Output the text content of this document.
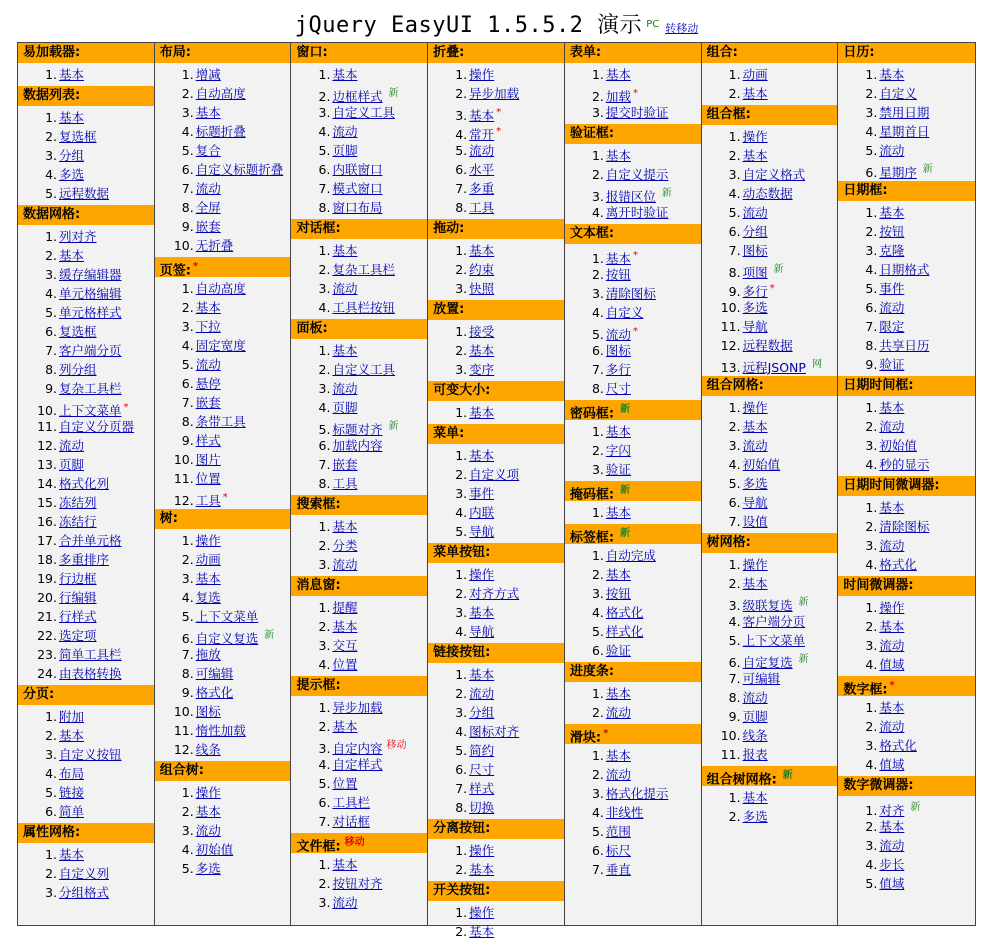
jQuery EasyUI 1.5.5.2 演示 $^{PC}$ 转移动
易加载器:
基本
数据列表:
基本
复选框
分组
多选
远程数据
数据网格:
列对齐
基本
缓存编辑器
单元格编辑
单元格样式
复选框
客户端分页
列分组
复杂工具栏
上下文菜单 *
自定义分页器
流动
页脚
格式化列
冻结列
冻结行
合并单元格
多重排序
行边框
行编辑
行样式
选定项
简单工具栏
由表格转换
分页:
附加
基本
自定义按钮
布局
链接
简单
属性网格:
基本
自定义列
分组格式
布局:
增减
自动高度
基本
标题折叠
复合
自定义标题折叠
流动
全屏
嵌套
无折叠
页签: *
自动高度
基本
下拉
固定宽度
流动
悬停
嵌套
条带工具
样式
图片
位置
工具 *
树:
操作
动画
基本
复选
上下文菜单
自定义复选 $^新$
拖放
可编辑
格式化
图标
惰性加载
线条
组合树:
操作
基本
流动
初始值
多选
窗口:
基本
边框样式 $^新$
自定义工具
流动
页脚
内联窗口
模式窗口
窗口布局
对话框:
基本
复杂工具栏
流动
工具栏按钮
面板:
基本
自定义工具
流动
页脚
标题对齐 $^新$
加载内容
嵌套
工具
搜索框:
基本
分类
流动
消息窗:
提醒
基本
交互
位置
提示框:
异步加载
基本
自定内容 $^{移动}$
自定样式
位置
工具栏
对话框
文件框: $^{移动}$
基本
按钮对齐
流动
折叠:
操作
异步加载
基本 *
常开 *
流动
水平
多重
工具
拖动:
基本
约束
快照
放置:
接受
基本
变序
可变大小:
基本
菜单:
基本
自定义项
事件
内联
导航
菜单按钮:
操作
对齐方式
基本
导航
链接按钮:
基本
流动
分组
图标对齐
简约
尺寸
样式
切换
分离按钮:
操作
基本
开关按钮:
操作
基本
表单:
基本
加载 *
提交时验证
验证框:
基本
自定义提示
报错区位 $^新$
离开时验证
文本框:
基本 *
按钮
清除图标
自定义
流动 *
图标
多行
尺寸
密码框: $^新$
基本
字闪
验证
掩码框: $^新$
基本
标签框: $^新$
自动完成
基本
按钮
格式化
样式化
验证
进度条:
基本
流动
滑块: *
基本
流动
格式化提示
非线性
范围
标尺
垂直
组合:
动画
基本
组合框:
操作
基本
自定义格式
动态数据
流动
分组
图标
项图 $^新$
多行 *
多选
导航
远程数据
远程JSONP $^网$
组合网格:
操作
基本
流动
初始值
多选
导航
设值
树网格:
操作
基本
级联复选 $^新$
客户端分页
上下文菜单
自定复选 $^新$
可编辑
流动
页脚
线条
报表
组合树网格: $^新$
基本
多选
日历:
基本
自定义
禁用日期
星期首日
流动
星期序 $^新$
日期框:
基本
按钮
克隆
日期格式
事件
流动
限定
共享日历
验证
日期时间框:
基本
流动
初始值
秒的显示
日期时间微调器:
基本
清除图标
流动
格式化
时间微调器:
操作
基本
流动
值域
数字框: *
基本
流动
格式化
值域
数字微调器:
对齐 $^新$
基本
流动
步长
值域
